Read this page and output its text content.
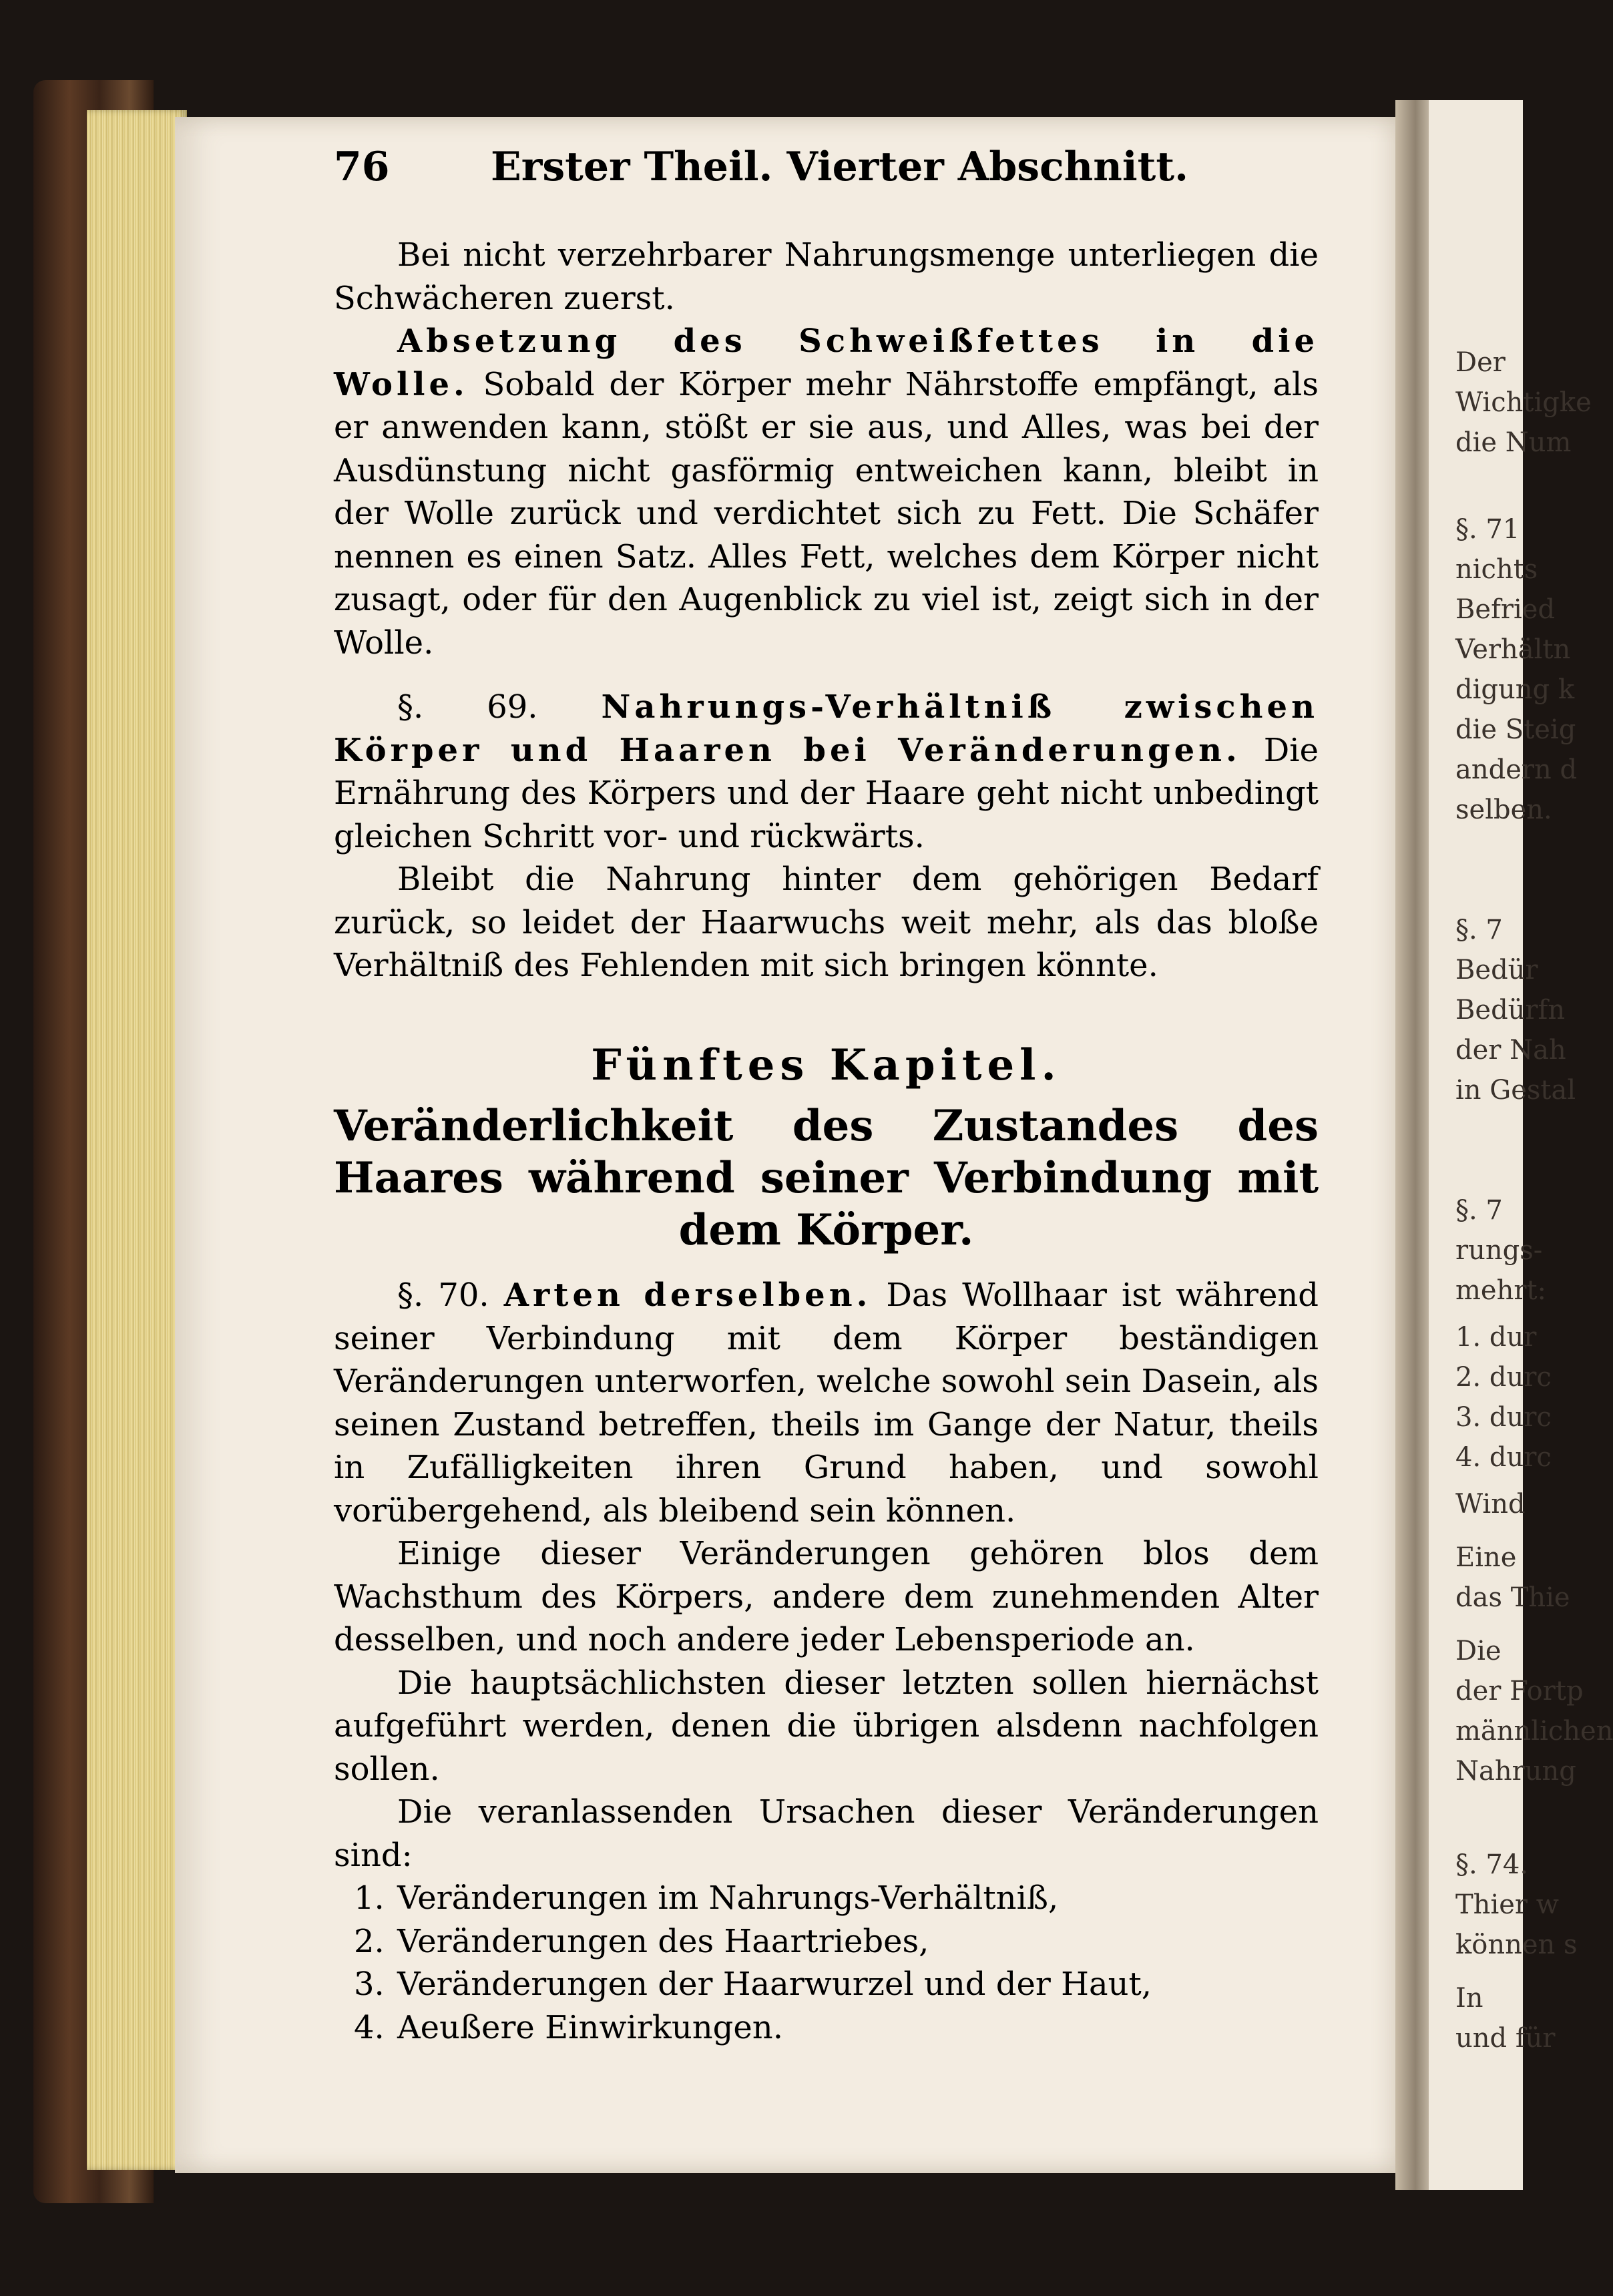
Der
Wichtigke
die Num
§. 71
nichts
Befried
Verhältn
digung k
die Steig
andern d
selben.
§. 7
Bedür
Bedürfn
der Nah
in Gestal
§. 7
rungs-
mehrt:
1. dur
2. durc
3. durc
4. durc
Wind
Eine
das Thie
Die
der Fortp
männlichen
Nahrung
§. 74.
Thier w
können s
In
und für
76	Erster Theil. Vierter Abschnitt.

Bei nicht verzehrbarer Nahrungsmenge unterliegen die Schwächeren zuerst.

Absetzung des Schweißfettes in die Wolle. Sobald der Körper mehr Nährstoffe empfängt, als er anwenden kann, stößt er sie aus, und Alles, was bei der Ausdünstung nicht gasförmig entweichen kann, bleibt in der Wolle zurück und verdichtet sich zu Fett. Die Schäfer nennen es einen Satz. Alles Fett, welches dem Körper nicht zusagt, oder für den Augenblick zu viel ist, zeigt sich in der Wolle.

§. 69. Nahrungs-Verhältniß zwischen Körper und Haaren bei Veränderungen. Die Ernährung des Körpers und der Haare geht nicht unbedingt gleichen Schritt vor- und rückwärts.

Bleibt die Nahrung hinter dem gehörigen Bedarf zurück, so leidet der Haarwuchs weit mehr, als das bloße Verhältniß des Fehlenden mit sich bringen könnte.

Fünftes Kapitel.

Veränderlichkeit des Zustandes des Haares während seiner Verbindung mit dem Körper.

§. 70. Arten derselben. Das Wollhaar ist während seiner Verbindung mit dem Körper beständigen Veränderungen unterworfen, welche sowohl sein Dasein, als seinen Zustand betreffen, theils im Gange der Natur, theils in Zufälligkeiten ihren Grund haben, und sowohl vorübergehend, als bleibend sein können.

Einige dieser Veränderungen gehören blos dem Wachsthum des Körpers, andere dem zunehmenden Alter desselben, und noch andere jeder Lebensperiode an.

Die hauptsächlichsten dieser letzten sollen hiernächst aufgeführt werden, denen die übrigen alsdenn nachfolgen sollen.

Die veranlassenden Ursachen dieser Veränderungen sind:

1. Veränderungen im Nahrungs-Verhältniß,
2. Veränderungen des Haartriebes,
3. Veränderungen der Haarwurzel und der Haut,
4. Aeußere Einwirkungen.
